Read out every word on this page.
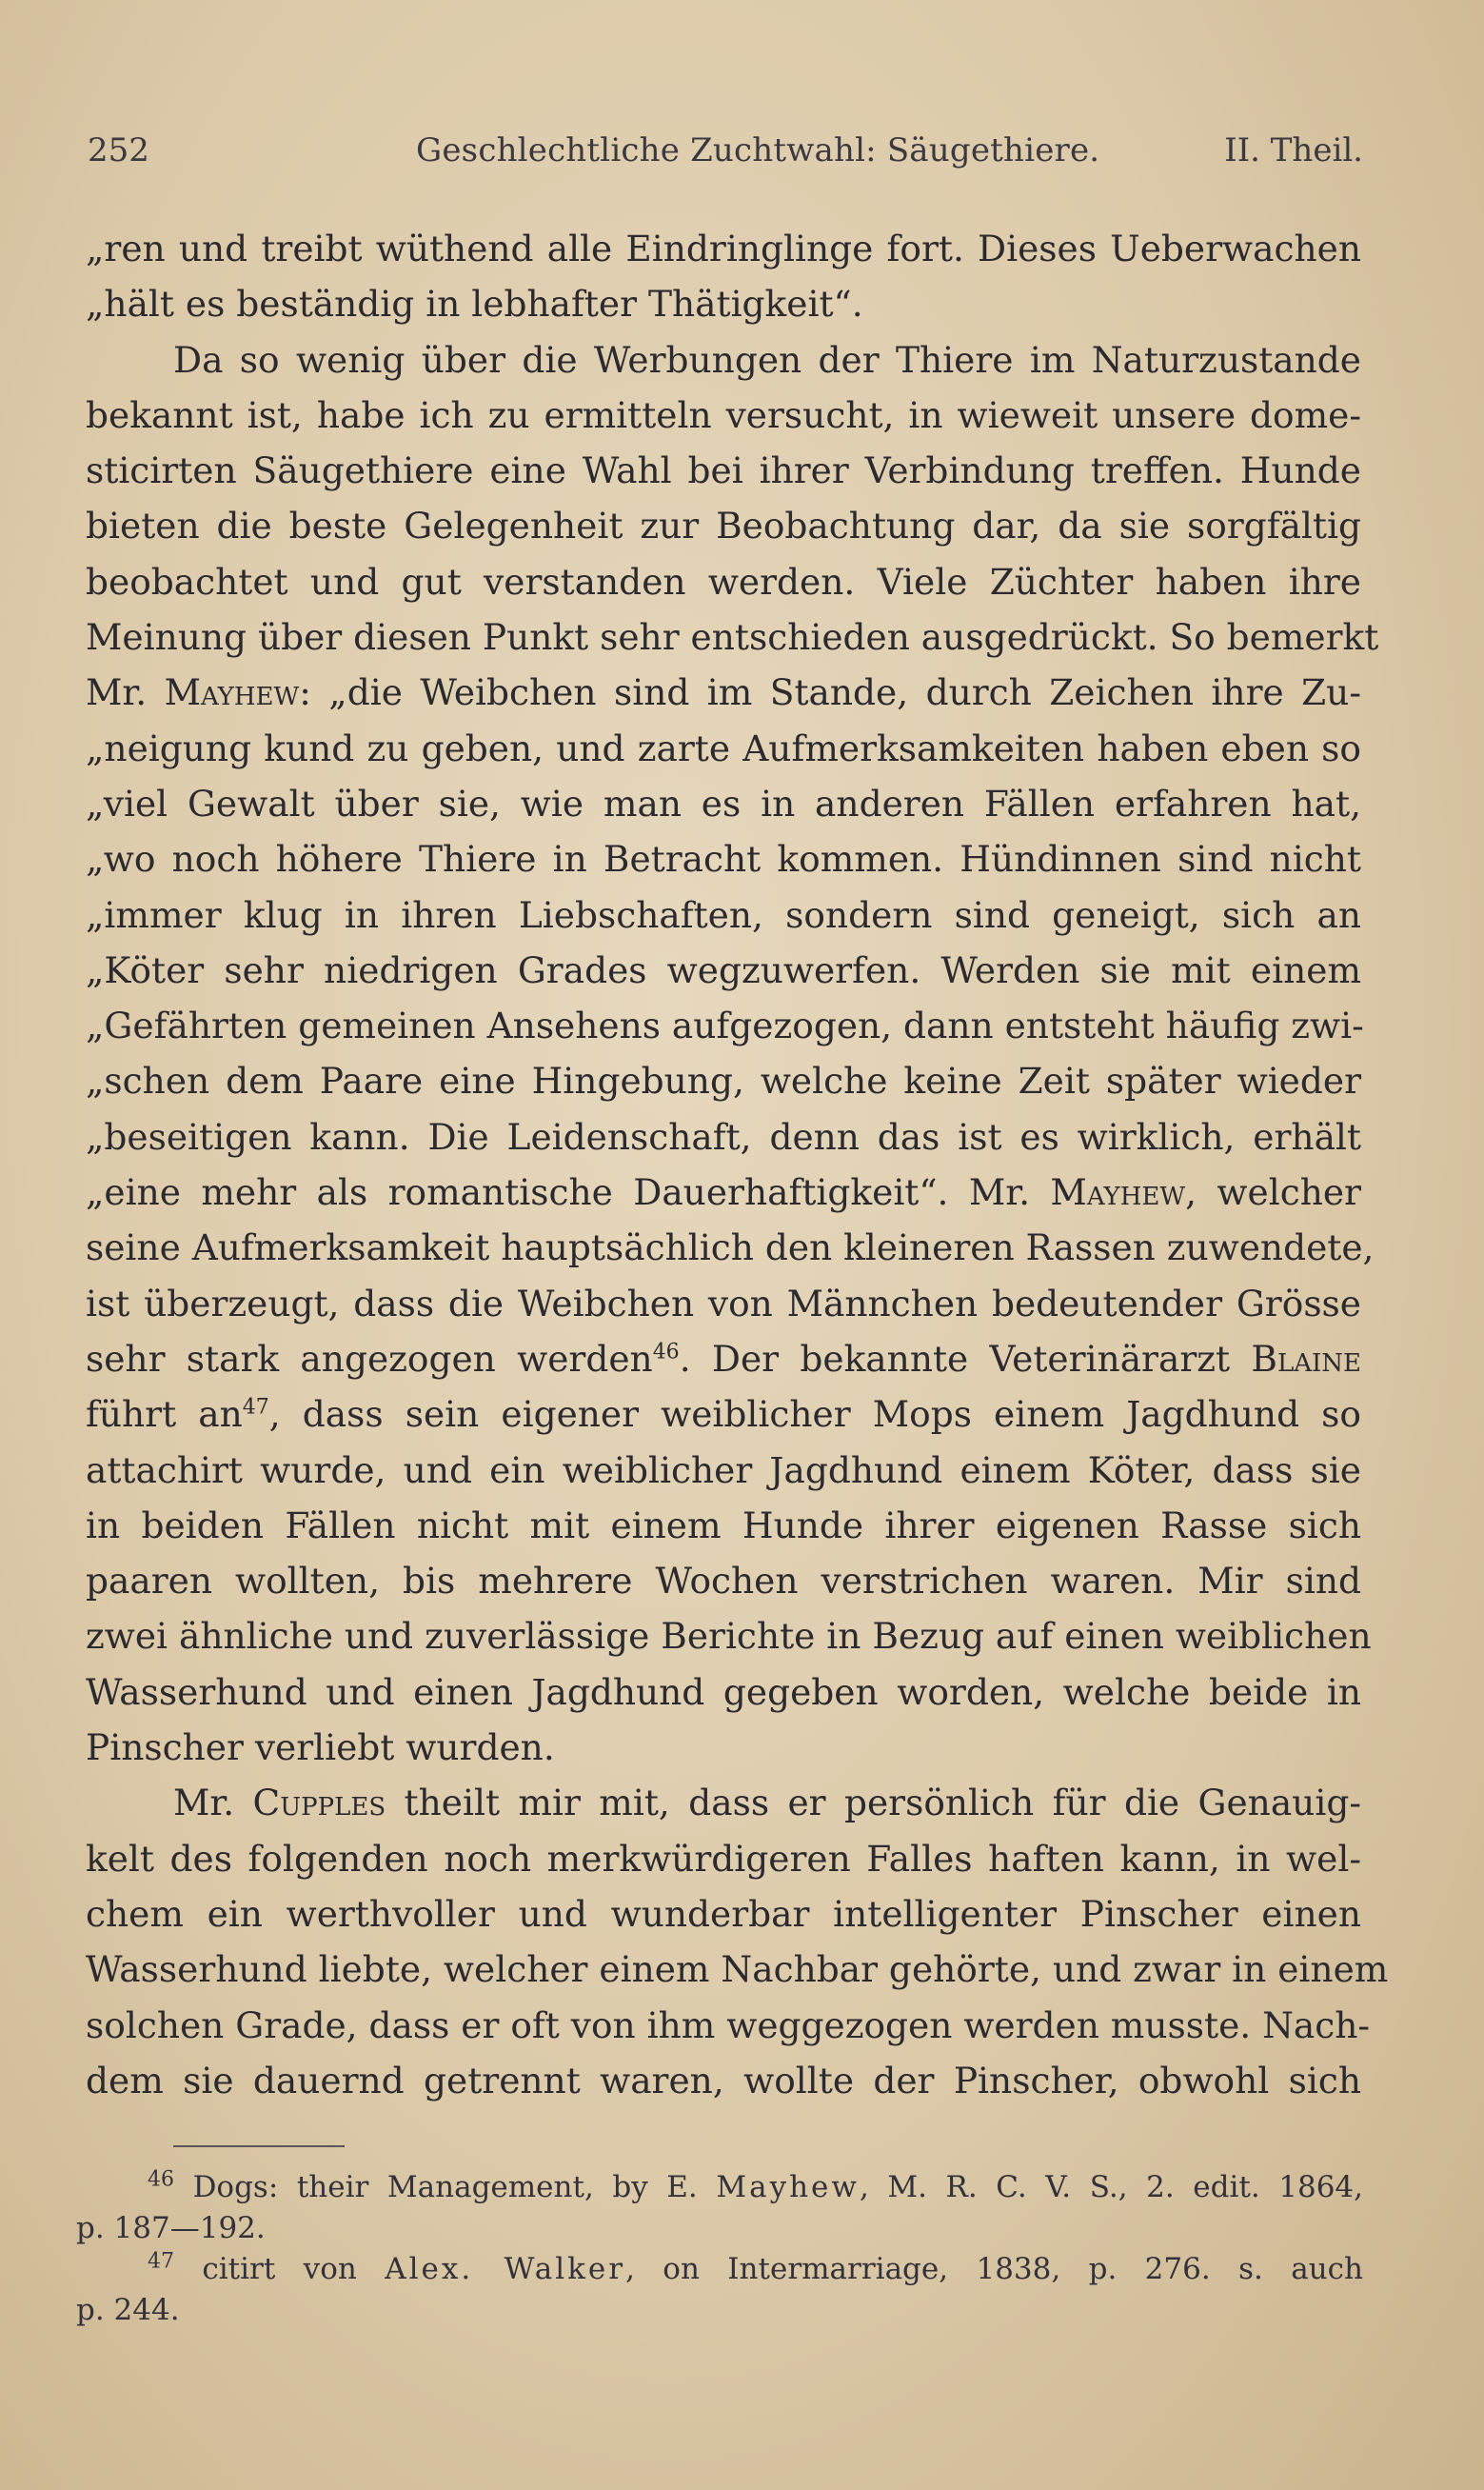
252	Geschlechtliche Zuchtwahl: Säugethiere.	II. Theil.
„ren und treibt wüthend alle Eindringlinge fort. Dieses Ueberwachen
„hält es beständig in lebhafter Thätigkeit“.
Da so wenig über die Werbungen der Thiere im Naturzustande
bekannt ist, habe ich zu ermitteln versucht, in wieweit unsere dome-
sticirten Säugethiere eine Wahl bei ihrer Verbindung treffen. Hunde
bieten die beste Gelegenheit zur Beobachtung dar, da sie sorgfältig
beobachtet und gut verstanden werden. Viele Züchter haben ihre
Meinung über diesen Punkt sehr entschieden ausgedrückt. So bemerkt
Mr. Mayhew: „die Weibchen sind im Stande, durch Zeichen ihre Zu-
„neigung kund zu geben, und zarte Aufmerksamkeiten haben eben so
„viel Gewalt über sie, wie man es in anderen Fällen erfahren hat,
„wo noch höhere Thiere in Betracht kommen. Hündinnen sind nicht
„immer klug in ihren Liebschaften, sondern sind geneigt, sich an
„Köter sehr niedrigen Grades wegzuwerfen. Werden sie mit einem
„Gefährten gemeinen Ansehens aufgezogen, dann entsteht häufig zwi-
„schen dem Paare eine Hingebung, welche keine Zeit später wieder
„beseitigen kann. Die Leidenschaft, denn das ist es wirklich, erhält
„eine mehr als romantische Dauerhaftigkeit“. Mr. Mayhew, welcher
seine Aufmerksamkeit hauptsächlich den kleineren Rassen zuwendete,
ist überzeugt, dass die Weibchen von Männchen bedeutender Grösse
sehr stark angezogen werden$^{46}$. Der bekannte Veterinärarzt Blaine
führt $an^{47}$, dass sein eigener weiblicher Mops einem Jagdhund so
attachirt wurde, und ein weiblicher Jagdhund einem Köter, dass sie
in beiden Fällen nicht mit einem Hunde ihrer eigenen Rasse sich
paaren wollten, bis mehrere Wochen verstrichen waren. Mir sind
zwei ähnliche und zuverlässige Berichte in Bezug auf einen weiblichen
Wasserhund und einen Jagdhund gegeben worden, welche beide in
Pinscher verliebt wurden.
Mr. Cupples theilt mir mit, dass er persönlich für die Genauig-
kelt des folgenden noch merkwürdigeren Falles haften kann, in wel-
chem ein werthvoller und wunderbar intelligenter Pinscher einen
Wasserhund liebte, welcher einem Nachbar gehörte, und zwar in einem
solchen Grade, dass er oft von ihm weggezogen werden musste. Nach-
dem sie dauernd getrennt waren, wollte der Pinscher, obwohl sich
$^{46}$ Dogs: their Management, by E. Mayhew, M. R. C. V. S., 2. edit. 1864,
p. 187—192.
$^{47}$ citirt von Alex. Walker, on Intermarriage, 1838, p. 276. s. auch
p. 244.
